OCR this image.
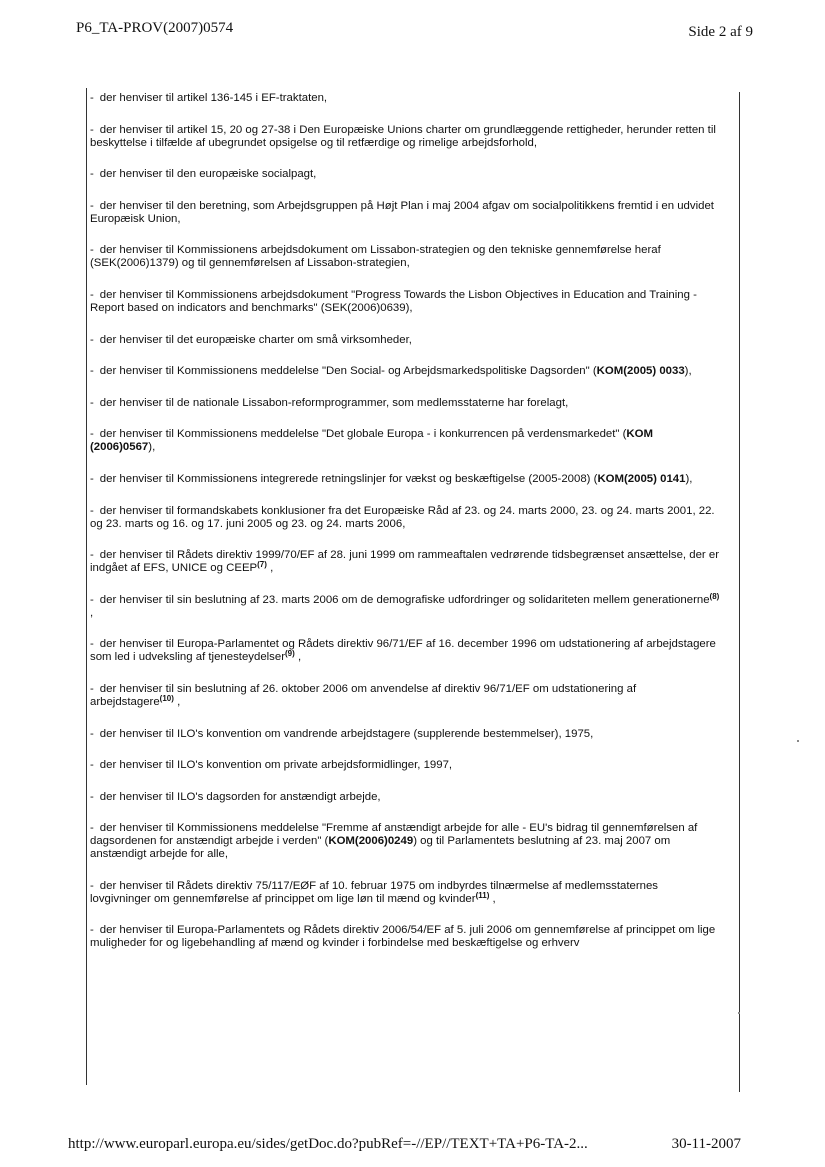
P6_TA-PROV(2007)0574	Side 2 af 9
- der henviser til artikel 136-145 i EF-traktaten,
- der henviser til artikel 15, 20 og 27-38 i Den Europæiske Unions charter om grundlæggende rettigheder, herunder retten til beskyttelse i tilfælde af ubegrundet opsigelse og til retfærdige og rimelige arbejdsforhold,
- der henviser til den europæiske socialpagt,
- der henviser til den beretning, som Arbejdsgruppen på Højt Plan i maj 2004 afgav om socialpolitikkens fremtid i en udvidet Europæisk Union,
- der henviser til Kommissionens arbejdsdokument om Lissabon-strategien og den tekniske gennemførelse heraf (SEK(2006)1379) og til gennemførelsen af Lissabon-strategien,
- der henviser til Kommissionens arbejdsdokument "Progress Towards the Lisbon Objectives in Education and Training - Report based on indicators and benchmarks" (SEK(2006)0639),
- der henviser til det europæiske charter om små virksomheder,
- der henviser til Kommissionens meddelelse "Den Social- og Arbejdsmarkedspolitiske Dagsorden" (KOM(2005) 0033),
- der henviser til de nationale Lissabon-reformprogrammer, som medlemsstaterne har forelagt,
- der henviser til Kommissionens meddelelse "Det globale Europa - i konkurrencen på verdensmarkedet" (KOM (2006)0567),
- der henviser til Kommissionens integrerede retningslinjer for vækst og beskæftigelse (2005-2008) (KOM(2005) 0141),
- der henviser til formandskabets konklusioner fra det Europæiske Råd af 23. og 24. marts 2000, 23. og 24. marts 2001, 22. og 23. marts og 16. og 17. juni 2005 og 23. og 24. marts 2006,
- der henviser til Rådets direktiv 1999/70/EF af 28. juni 1999 om rammeaftalen vedrørende tidsbegrænset ansættelse, der er indgået af EFS, UNICE og CEEP$^{(7)}$ ,
- der henviser til sin beslutning af 23. marts 2006 om de demografiske udfordringer og solidariteten mellem generationerne$^{(8)}$ ,
- der henviser til Europa-Parlamentet og Rådets direktiv 96/71/EF af 16. december 1996 om udstationering af arbejdstagere som led i udveksling af tjenesteydelser$^{(9)}$ ,
- der henviser til sin beslutning af 26. oktober 2006 om anvendelse af direktiv 96/71/EF om udstationering af arbejdstagere$^{(10)}$ ,
- der henviser til ILO's konvention om vandrende arbejdstagere (supplerende bestemmelser), 1975,
- der henviser til ILO's konvention om private arbejdsformidlinger, 1997,
- der henviser til ILO's dagsorden for anstændigt arbejde,
- der henviser til Kommissionens meddelelse "Fremme af anstændigt arbejde for alle - EU's bidrag til gennemførelsen af dagsordenen for anstændigt arbejde i verden" (KOM(2006)0249) og til Parlamentets beslutning af 23. maj 2007 om anstændigt arbejde for alle,
- der henviser til Rådets direktiv 75/117/EØF af 10. februar 1975 om indbyrdes tilnærmelse af medlemsstaternes lovgivninger om gennemførelse af princippet om lige løn til mænd og kvinder$^{(11)}$ ,
- der henviser til Europa-Parlamentets og Rådets direktiv 2006/54/EF af 5. juli 2006 om gennemførelse af princippet om lige muligheder for og ligebehandling af mænd og kvinder i forbindelse med beskæftigelse og erhverv
http://www.europarl.europa.eu/sides/getDoc.do?pubRef=-//EP//TEXT+TA+P6-TA-2...	30-11-2007
